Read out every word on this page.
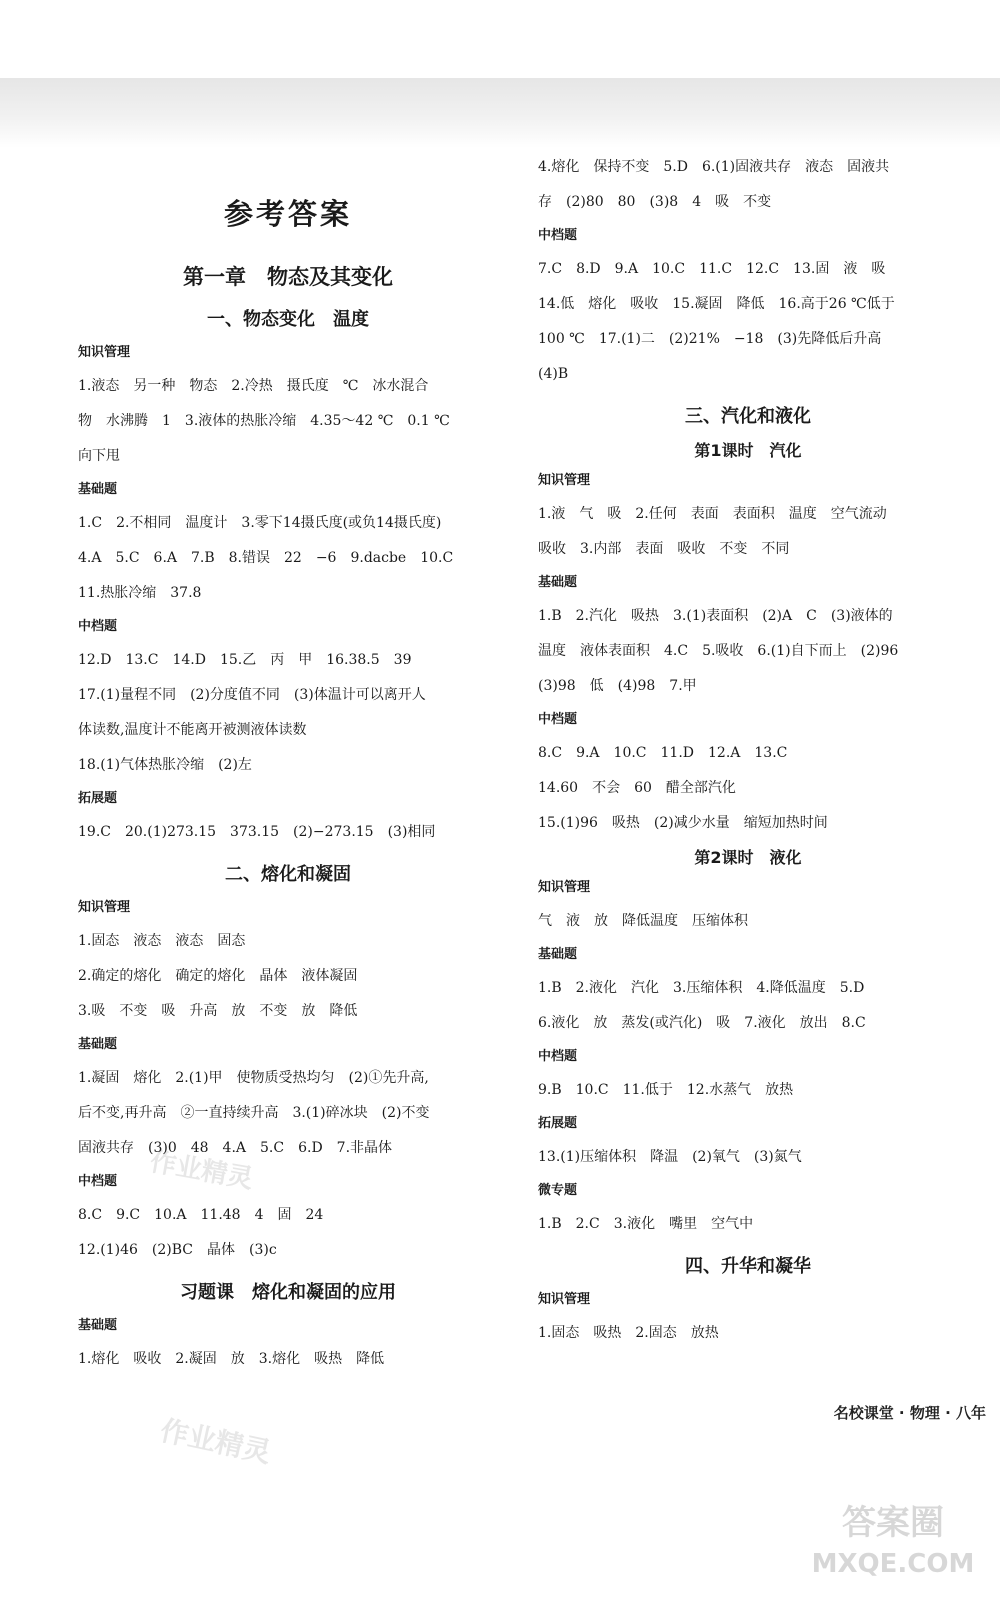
参考答案
第一章　物态及其变化
一、物态变化　温度
知识管理
1.液态　另一种　物态　2.冷热　摄氏度　℃　冰水混合
物　水沸腾　1　3.液体的热胀冷缩　4.35～42 ℃　0.1 ℃
向下甩
基础题
1.C　2.不相同　温度计　3.零下14摄氏度(或负14摄氏度)
4.A　5.C　6.A　7.B　8.错误　22　−6　9.dacbe　10.C
11.热胀冷缩　37.8
中档题
12.D　13.C　14.D　15.乙　丙　甲　16.38.5　39
17.(1)量程不同　(2)分度值不同　(3)体温计可以离开人
体读数,温度计不能离开被测液体读数
18.(1)气体热胀冷缩　(2)左
拓展题
19.C　20.(1)273.15　373.15　(2)−273.15　(3)相同
二、熔化和凝固
知识管理
1.固态　液态　液态　固态
2.确定的熔化　确定的熔化　晶体　液体凝固
3.吸　不变　吸　升高　放　不变　放　降低
基础题
1.凝固　熔化　2.(1)甲　使物质受热均匀　(2)①先升高,
后不变,再升高　②一直持续升高　3.(1)碎冰块　(2)不变
固液共存　(3)0　48　4.A　5.C　6.D　7.非晶体
中档题
8.C　9.C　10.A　11.48　4　固　24
12.(1)46　(2)BC　晶体　(3)c
习题课　熔化和凝固的应用
基础题
1.熔化　吸收　2.凝固　放　3.熔化　吸热　降低
4.熔化　保持不变　5.D　6.(1)固液共存　液态　固液共
存　(2)80　80　(3)8　4　吸　不变
中档题
7.C　8.D　9.A　10.C　11.C　12.C　13.固　液　吸
14.低　熔化　吸收　15.凝固　降低　16.高于26 ℃低于
100 ℃　17.(1)二　(2)21%　−18　(3)先降低后升高
(4)B
三、汽化和液化
第1课时　汽化
知识管理
1.液　气　吸　2.任何　表面　表面积　温度　空气流动
吸收　3.内部　表面　吸收　不变　不同
基础题
1.B　2.汽化　吸热　3.(1)表面积　(2)A　C　(3)液体的
温度　液体表面积　4.C　5.吸收　6.(1)自下而上　(2)96
(3)98　低　(4)98　7.甲
中档题
8.C　9.A　10.C　11.D　12.A　13.C
14.60　不会　60　醋全部汽化
15.(1)96　吸热　(2)减少水量　缩短加热时间
第2课时　液化
知识管理
气　液　放　降低温度　压缩体积
基础题
1.B　2.液化　汽化　3.压缩体积　4.降低温度　5.D
6.液化　放　蒸发(或汽化)　吸　7.液化　放出　8.C
中档题
9.B　10.C　11.低于　12.水蒸气　放热
拓展题
13.(1)压缩体积　降温　(2)氧气　(3)氮气
微专题
1.B　2.C　3.液化　嘴里　空气中
四、升华和凝华
知识管理
1.固态　吸热　2.固态　放热
名校课堂 · 物理 · 八年
作业精灵
作业精灵
答案圈
MXQE.COM
